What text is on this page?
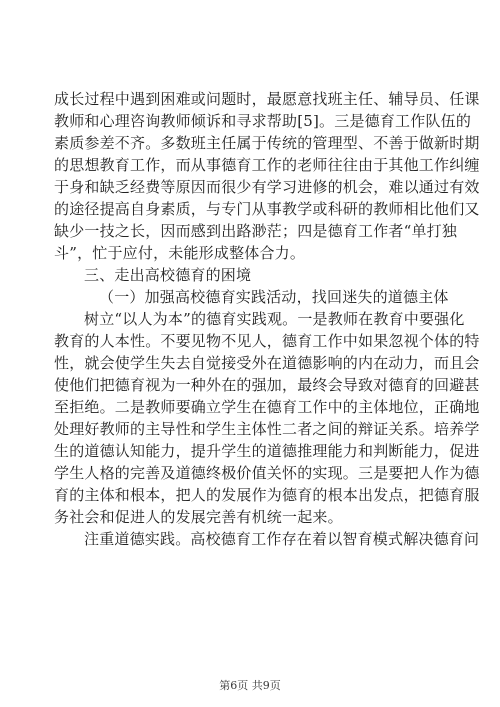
成长过程中遇到困难或问题时，最愿意找班主任、辅导员、任课
教师和心理咨询教师倾诉和寻求帮助[5]。三是德育工作队伍的
素质参差不齐。多数班主任属于传统的管理型、不善于做新时期
的思想教育工作，而从事德育工作的老师往往由于其他工作纠缠
于身和缺乏经费等原因而很少有学习进修的机会，难以通过有效
的途径提高自身素质，与专门从事教学或科研的教师相比他们又
缺少一技之长，因而感到出路渺茫；四是德育工作者“单打独
斗”，忙于应付，未能形成整体合力。
三、走出高校德育的困境
（一）加强高校德育实践活动，找回迷失的道德主体
树立“以人为本”的德育实践观。一是教师在教育中要强化
教育的人本性。不要见物不见人，德育工作中如果忽视个体的特
性，就会使学生失去自觉接受外在道德影响的内在动力，而且会
使他们把德育视为一种外在的强加，最终会导致对德育的回避甚
至拒绝。二是教师要确立学生在德育工作中的主体地位，正确地
处理好教师的主导性和学生主体性二者之间的辩证关系。培养学
生的道德认知能力，提升学生的道德推理能力和判断能力，促进
学生人格的完善及道德终极价值关怀的实现。三是要把人作为德
育的主体和根本，把人的发展作为德育的根本出发点，把德育服
务社会和促进人的发展完善有机统一起来。
注重道德实践。高校德育工作存在着以智育模式解决德育问
第6页 共9页
